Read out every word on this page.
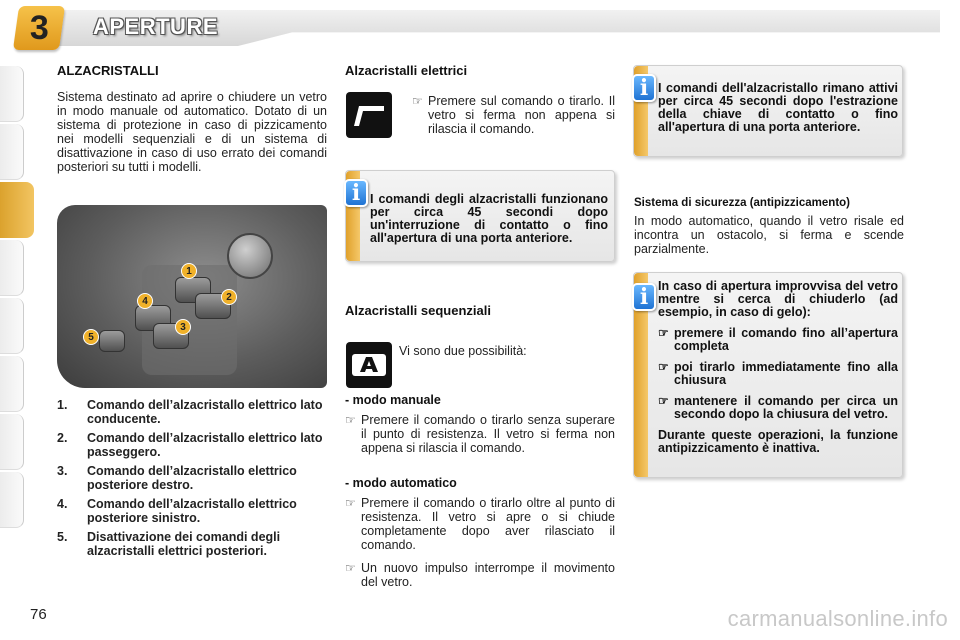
3 APERTURE
ALZACRISTALLI
Sistema destinato ad aprire o chiudere un vetro in modo manuale od automatico. Dotato di un sistema di protezione in caso di pizzicamento nei modelli sequenziali e di un sistema di disattivazione in caso di uso errato dei comandi posteriori su tutti i modelli.
1
2
3
4
5
1.	Comando dell’alzacristallo elettrico lato conducente.
2.	Comando dell’alzacristallo elettrico lato passeggero.
3.	Comando dell’alzacristallo elettrico posteriore destro.
4.	Comando dell’alzacristallo elettrico posteriore sinistro.
5.	Disattivazione dei comandi degli alzacristalli elettrici posteriori.
Alzacristalli elettrici
☞ Premere sul comando o tirarlo. Il vetro si ferma non appena si rilascia il comando.
i I comandi degli alzacristalli funzionano per circa 45 secondi dopo un'interruzione di contatto o fino all'apertura di una porta anteriore.
Alzacristalli sequenziali
Vi sono due possibilità:
- modo manuale
☞ Premere il comando o tirarlo senza superare il punto di resistenza. Il vetro si ferma non appena si rilascia il comando.
- modo automatico
☞ Premere il comando o tirarlo oltre al punto di resistenza. Il vetro si apre o si chiude completamente dopo aver rilasciato il comando.
☞ Un nuovo impulso interrompe il movimento del vetro.
i I comandi dell'alzacristallo rimano attivi per circa 45 secondi dopo l'estrazione della chiave di contatto o fino all'apertura di una porta anteriore.
Sistema di sicurezza (antipizzicamento)
In modo automatico, quando il vetro risale ed incontra un ostacolo, si ferma e scende parzialmente.
i In caso di apertura improvvisa del vetro mentre si cerca di chiuderlo (ad esempio, in caso di gelo):
☞ premere il comando fino all’apertura completa
☞ poi tirarlo immediatamente fino alla chiusura
☞ mantenere il comando per circa un secondo dopo la chiusura del vetro.
Durante queste operazioni, la funzione antipizzicamento è inattiva.
76	carmanualsonline.info
